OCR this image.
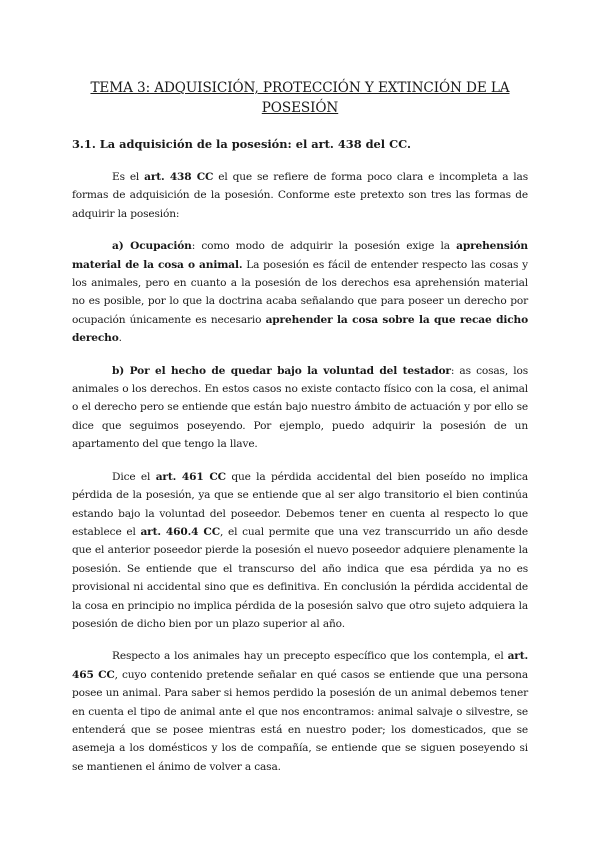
TEMA 3: ADQUISICIÓN, PROTECCIÓN Y EXTINCIÓN DE LA POSESIÓN
3.1. La adquisición de la posesión: el art. 438 del CC.

Es el art. 438 CC el que se refiere de forma poco clara e incompleta a las formas de adquisición de la posesión. Conforme este pretexto son tres las formas de adquirir la posesión:

a) Ocupación: como modo de adquirir la posesión exige la aprehensión material de la cosa o animal. La posesión es fácil de entender respecto las cosas y los animales, pero en cuanto a la posesión de los derechos esa aprehensión material no es posible, por lo que la doctrina acaba señalando que para poseer un derecho por ocupación únicamente es necesario aprehender la cosa sobre la que recae dicho derecho.

b) Por el hecho de quedar bajo la voluntad del testador: as cosas, los animales o los derechos. En estos casos no existe contacto físico con la cosa, el animal o el derecho pero se entiende que están bajo nuestro ámbito de actuación y por ello se dice que seguimos poseyendo. Por ejemplo, puedo adquirir la posesión de un apartamento del que tengo la llave.

Dice el art. 461 CC que la pérdida accidental del bien poseído no implica pérdida de la posesión, ya que se entiende que al ser algo transitorio el bien continúa estando bajo la voluntad del poseedor. Debemos tener en cuenta al respecto lo que establece el art. 460.4 CC, el cual permite que una vez transcurrido un año desde que el anterior poseedor pierde la posesión el nuevo poseedor adquiere plenamente la posesión. Se entiende que el transcurso del año indica que esa pérdida ya no es provisional ni accidental sino que es definitiva. En conclusión la pérdida accidental de la cosa en principio no implica pérdida de la posesión salvo que otro sujeto adquiera la posesión de dicho bien por un plazo superior al año.

Respecto a los animales hay un precepto específico que los contempla, el art. 465 CC, cuyo contenido pretende señalar en qué casos se entiende que una persona posee un animal. Para saber si hemos perdido la posesión de un animal debemos tener en cuenta el tipo de animal ante el que nos encontramos: animal salvaje o silvestre, se entenderá que se posee mientras está en nuestro poder; los domesticados, que se asemeja a los domésticos y los de compañía, se entiende que se siguen poseyendo si se mantienen el ánimo de volver a casa.
